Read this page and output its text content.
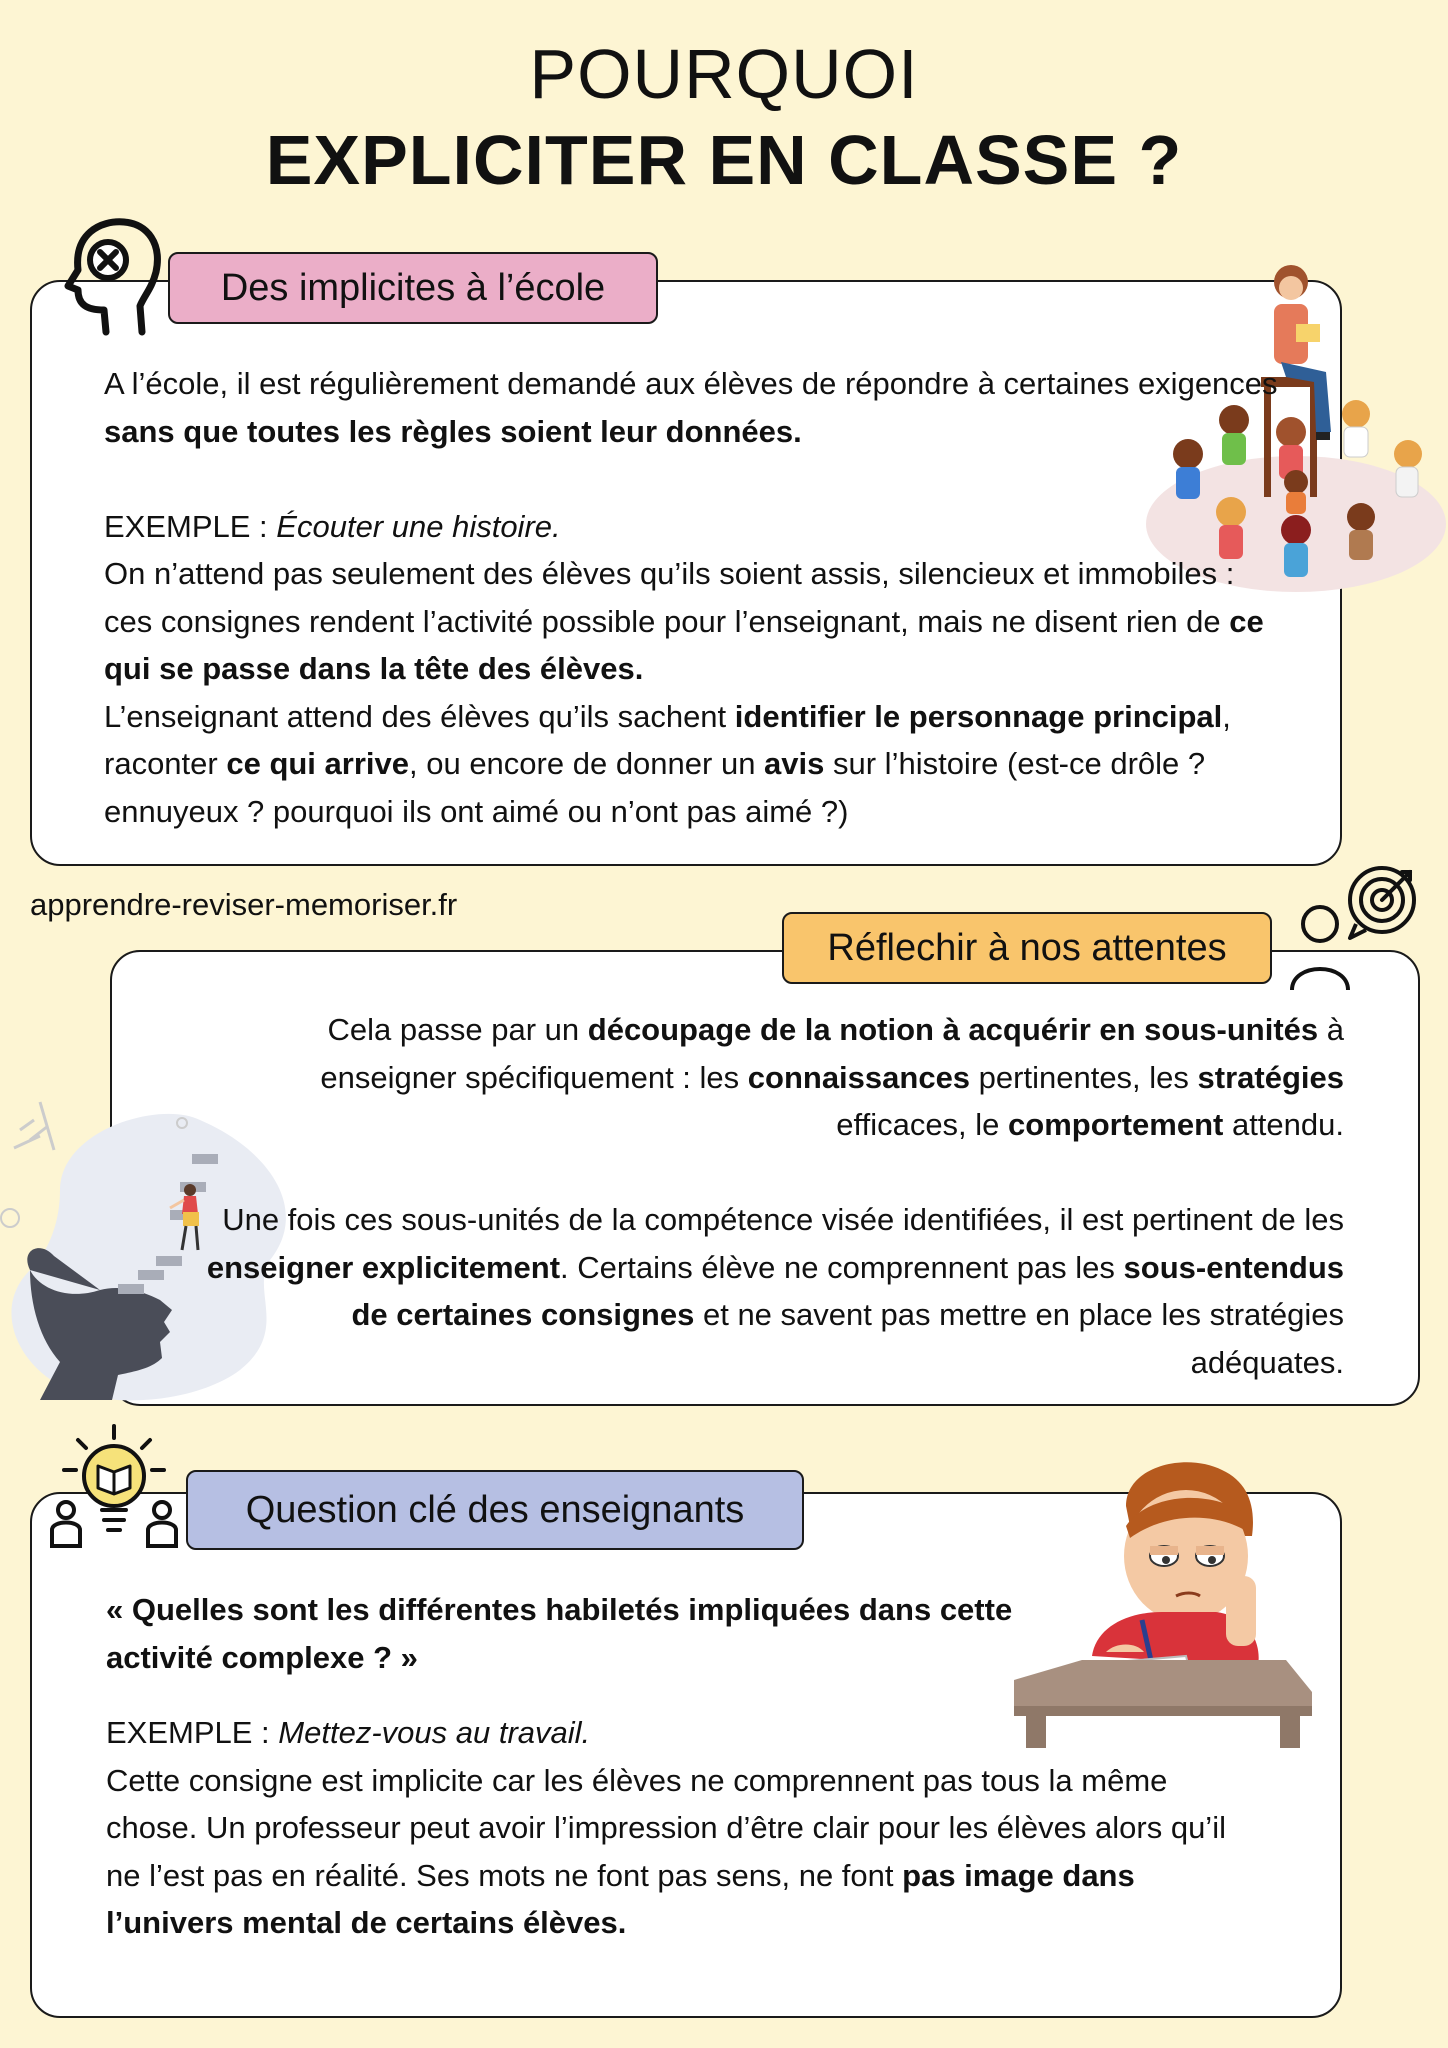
POURQUOI
EXPLICITER EN CLASSE ?
Des implicites à l’école

A l’école, il est régulièrement demandé aux élèves de répondre à certaines exigences sans que toutes les règles soient leur données.

EXEMPLE : Écouter une histoire.

On n’attend pas seulement des élèves qu’ils soient assis, silencieux et immobiles : ces consignes rendent l’activité possible pour l’enseignant, mais ne disent rien de ce qui se passe dans la tête des élèves.

L’enseignant attend des élèves qu’ils sachent identifier le personnage principal, raconter ce qui arrive, ou encore de donner un avis sur l’histoire (est-ce drôle ? ennuyeux ? pourquoi ils ont aimé ou n’ont pas aimé ?)

apprendre-reviser-memoriser.fr
Réflechir à nos attentes

Cela passe par un découpage de la notion à acquérir en sous-unités à enseigner spécifiquement : les connaissances pertinentes, les stratégies efficaces, le comportement attendu.

Une fois ces sous-unités de la compétence visée identifiées, il est pertinent de les enseigner explicitement. Certains élève ne comprennent pas les sous-entendus de certaines consignes et ne savent pas mettre en place les stratégies adéquates.

Question clé des enseignants

« Quelles sont les différentes habiletés impliquées dans cette activité complexe ? »

EXEMPLE : Mettez-vous au travail.

Cette consigne est implicite car les élèves ne comprennent pas tous la même chose. Un professeur peut avoir l’impression d’être clair pour les élèves alors qu’il ne l’est pas en réalité. Ses mots ne font pas sens, ne font pas image dans l’univers mental de certains élèves.
